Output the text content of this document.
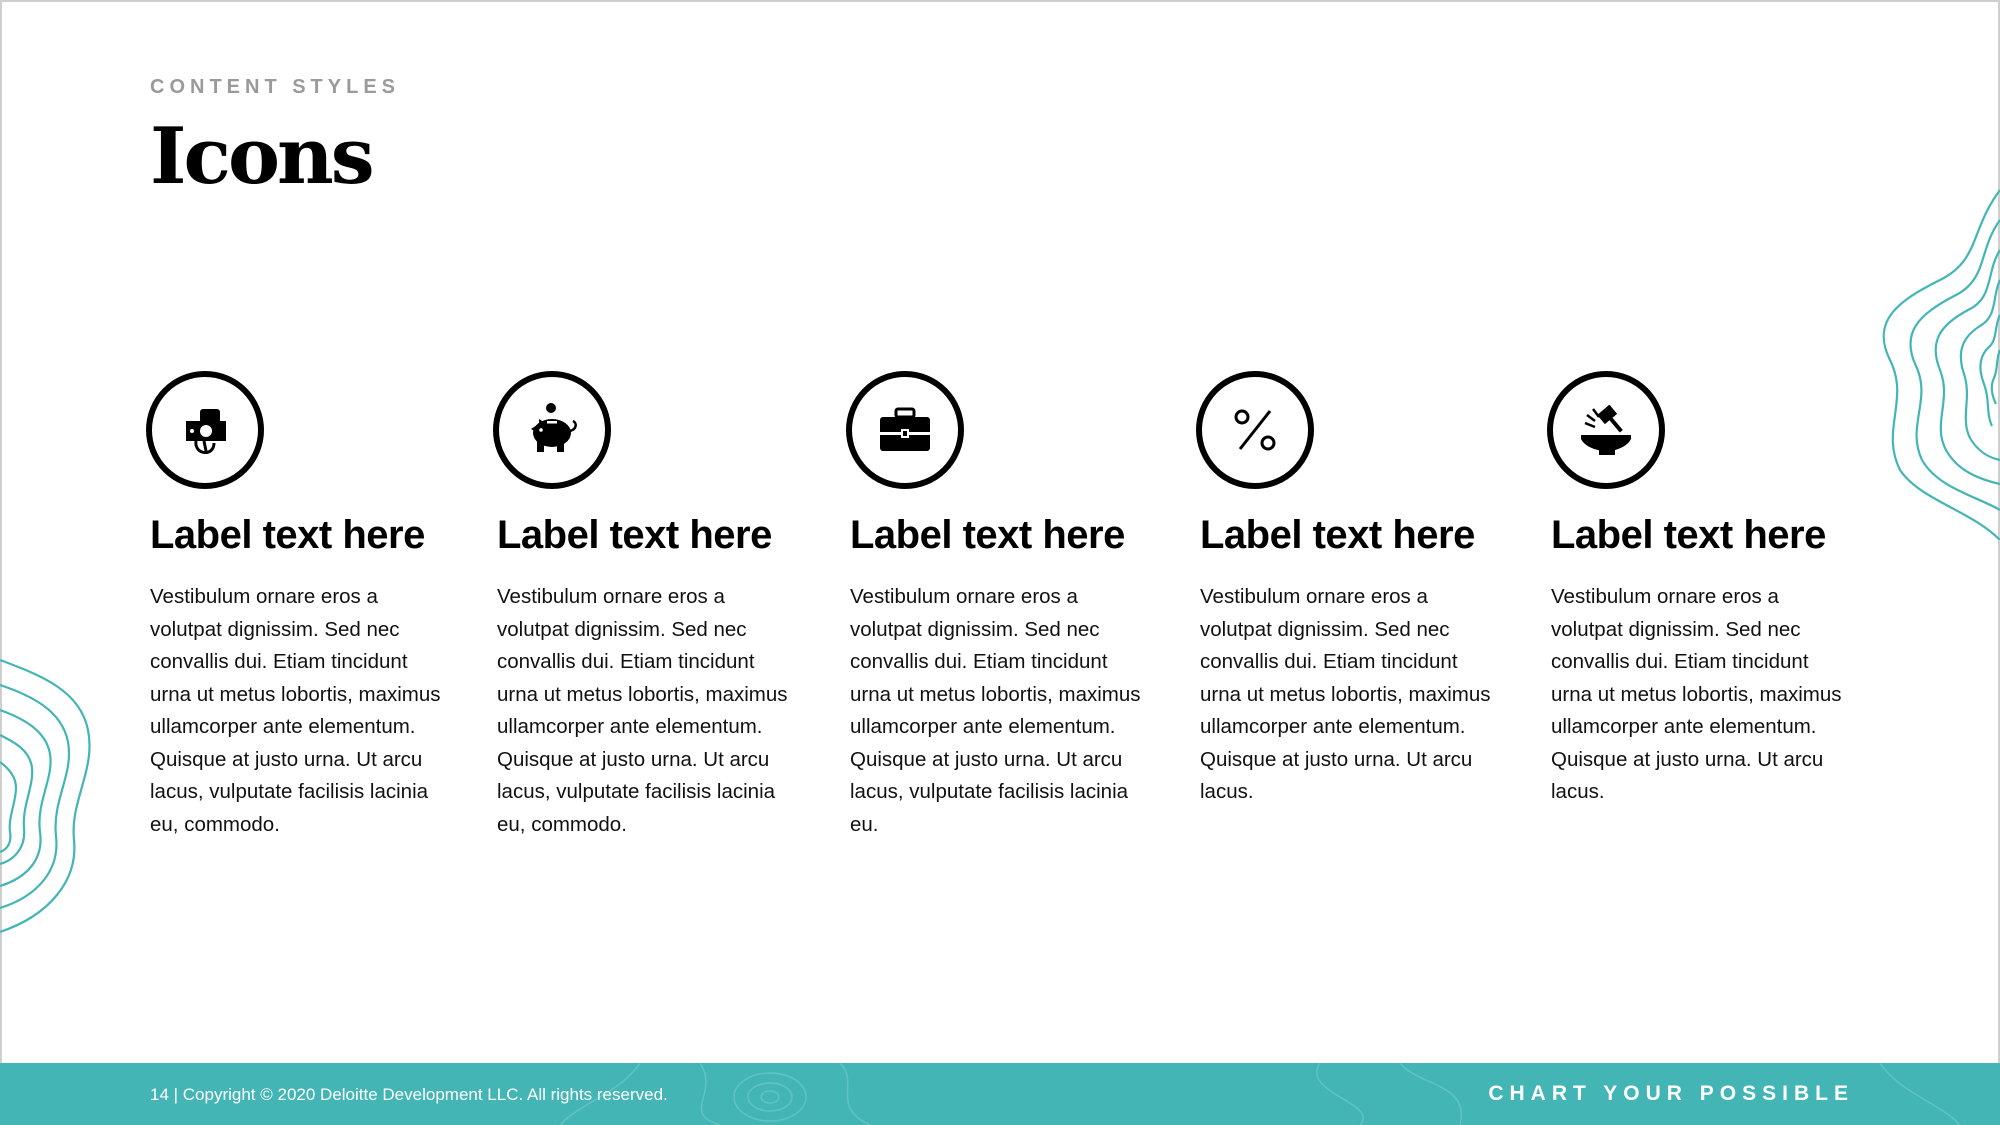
CONTENT STYLES
Icons
Label text here
Vestibulum ornare eros a volutpat dignissim. Sed nec convallis dui. Etiam tincidunt urna ut metus lobortis, maximus ullamcorper ante elementum. Quisque at justo urna. Ut arcu lacus, vulputate facilisis lacinia eu, commodo.
Label text here
Vestibulum ornare eros a volutpat dignissim. Sed nec convallis dui. Etiam tincidunt urna ut metus lobortis, maximus ullamcorper ante elementum. Quisque at justo urna. Ut arcu lacus, vulputate facilisis lacinia eu, commodo.
Label text here
Vestibulum ornare eros a volutpat dignissim. Sed nec convallis dui. Etiam tincidunt urna ut metus lobortis, maximus ullamcorper ante elementum. Quisque at justo urna. Ut arcu lacus, vulputate facilisis lacinia eu.
Label text here
Vestibulum ornare eros a volutpat dignissim. Sed nec convallis dui. Etiam tincidunt urna ut metus lobortis, maximus ullamcorper ante elementum. Quisque at justo urna. Ut arcu lacus.
Label text here
Vestibulum ornare eros a volutpat dignissim. Sed nec convallis dui. Etiam tincidunt urna ut metus lobortis, maximus ullamcorper ante elementum. Quisque at justo urna. Ut arcu lacus.
14 | Copyright © 2020 Deloitte Development LLC. All rights reserved.	CHART YOUR POSSIBLE
